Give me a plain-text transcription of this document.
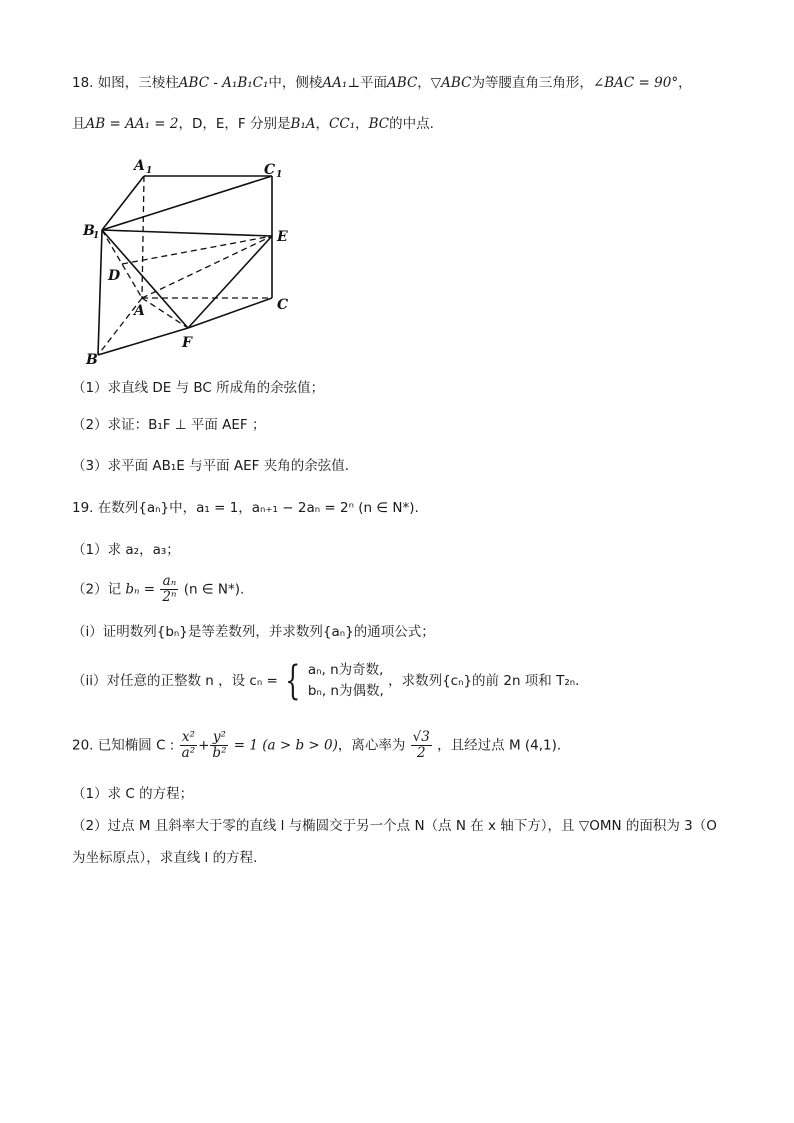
18. 如图，三棱柱ABC - A₁B₁C₁中，侧棱AA₁⊥平面ABC，▽ABC为等腰直角三角形，∠BAC = 90°，
且AB = AA₁ = 2，D，E，F 分别是B₁A，CC₁，BC的中点.
A 1	C 1
B
1	E
D
A	C
B
F
（1）求直线 DE 与 BC 所成角的余弦值；
（2）求证：B₁F ⊥ 平面 AEF ；
（3）求平面 AB₁E 与平面 AEF 夹角的余弦值.
19. 在数列{aₙ}中，a₁ = 1，aₙ₊₁ − 2aₙ = 2ⁿ (n ∈ N*).
（1）求 a₂，a₃；
（2）记 $b_n = \frac{\text{aₙ}}{\text{2ⁿ}} (n$ ∈ N*).
（i）证明数列{bₙ}是等差数列，并求数列{aₙ}的通项公式；
（ii）对任意的正整数 n ，设 cₙ = { aₙ, n为奇数,
bₙ, n为偶数,
，求数列{cₙ}的前 2n 项和 T₂ₙ.
20. 已知椭圆 C : $\frac{\text{x²}}{\text{a²}} + \frac{\text{y²}}{\text{b²}} = 1$ (a > b > 0)，离心率为 $\frac{√3}{2}$ ，且经过点 M (4,1).
（1）求 C 的方程；
（2）过点 M 且斜率大于零的直线 l 与椭圆交于另一个点 N（点 N 在 x 轴下方），且 ▽OMN 的面积为 3（O
为坐标原点），求直线 l 的方程.
